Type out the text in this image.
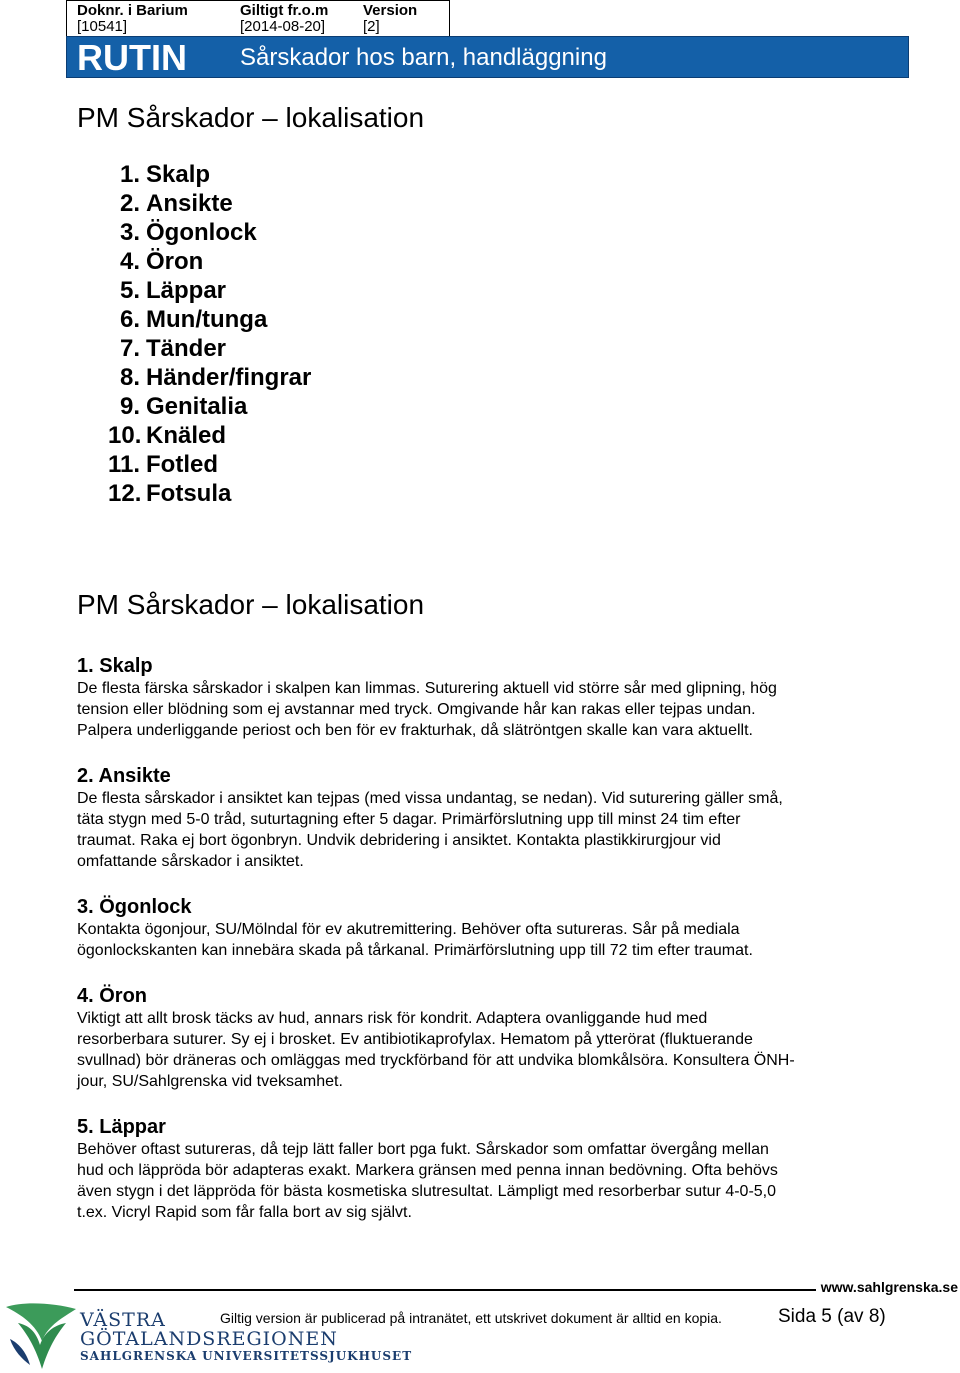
Doknr. i Barium
[10541]
Giltigt fr.o.m
[2014-08-20]
Version
[2]
RUTIN Sårskador hos barn, handläggning
PM Sårskador – lokalisation
1. Skalp
2. Ansikte
3. Ögonlock
4. Öron
5. Läppar
6. Mun/tunga
7. Tänder
8. Händer/fingrar
9. Genitalia
10. Knäled
11. Fotled
12. Fotsula
PM Sårskador – lokalisation
1. Skalp
De flesta färska sårskador i skalpen kan limmas. Suturering aktuell vid större sår med glipning, hög
tension eller blödning som ej avstannar med tryck. Omgivande hår kan rakas eller tejpas undan.
Palpera underliggande periost och ben för ev frakturhak, då slätröntgen skalle kan vara aktuellt.
2. Ansikte
De flesta sårskador i ansiktet kan tejpas (med vissa undantag, se nedan). Vid suturering gäller små,
täta stygn med 5-0 tråd, suturtagning efter 5 dagar. Primärförslutning upp till minst 24 tim efter
traumat. Raka ej bort ögonbryn. Undvik debridering i ansiktet. Kontakta plastikkirurgjour vid
omfattande sårskador i ansiktet.
3. Ögonlock
Kontakta ögonjour, SU/Mölndal för ev akutremittering. Behöver ofta sutureras. Sår på mediala
ögonlockskanten kan innebära skada på tårkanal. Primärförslutning upp till 72 tim efter traumat.
4. Öron
Viktigt att allt brosk täcks av hud, annars risk för kondrit. Adaptera ovanliggande hud med
resorberbara suturer. Sy ej i brosket. Ev antibiotikaprofylax. Hematom på ytterörat (fluktuerande
svullnad) bör dräneras och omläggas med tryckförband för att undvika blomkålsöra. Konsultera ÖNH-
jour, SU/Sahlgrenska vid tveksamhet.
5. Läppar
Behöver oftast sutureras, då tejp lätt faller bort pga fukt. Sårskador som omfattar övergång mellan
hud och läppröda bör adapteras exakt. Markera gränsen med penna innan bedövning. Ofta behövs
även stygn i det läppröda för bästa kosmetiska slutresultat. Lämpligt med resorberbar sutur 4-0-5,0
t.ex. Vicryl Rapid som får falla bort av sig självt.
www.sahlgrenska.se
Giltig version är publicerad på intranätet, ett utskrivet dokument är alltid en kopia.	Sida 5 (av 8)
VÄSTRA
GÖTALANDSREGIONEN
SAHLGRENSKA UNIVERSITETSSJUKHUSET
